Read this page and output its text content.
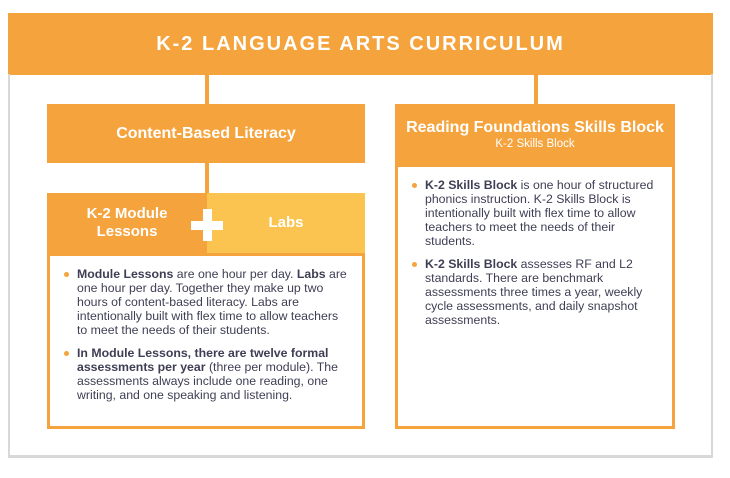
K-2 LANGUAGE ARTS CURRICULUM
Content-Based Literacy
K-2 Module Lessons
Labs
Module Lessons are one hour per day. Labs are one hour per day. Together they make up two hours of content-based literacy. Labs are intentionally built with flex time to allow teachers to meet the needs of their students.
In Module Lessons, there are twelve formal assessments per year (three per module). The assessments always include one reading, one writing, and one speaking and listening.
Reading Foundations Skills Block
K-2 Skills Block
K-2 Skills Block is one hour of structured phonics instruction. K-2 Skills Block is intentionally built with flex time to allow teachers to meet the needs of their students.
K-2 Skills Block assesses RF and L2 standards. There are benchmark assessments three times a year, weekly cycle assessments, and daily snapshot assessments.
